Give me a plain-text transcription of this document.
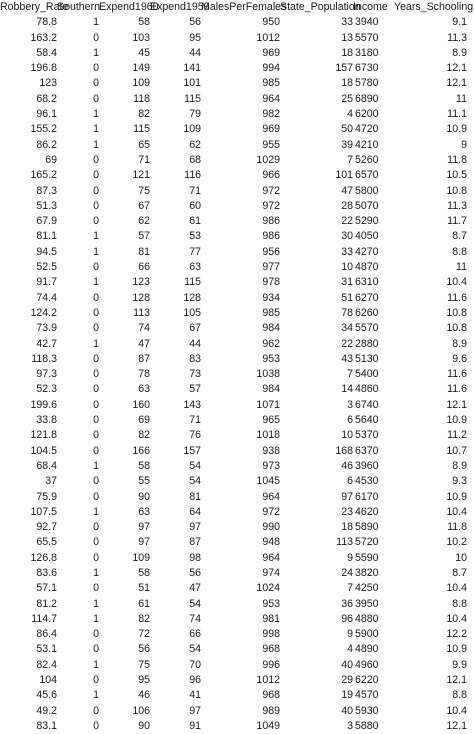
Robbery_Rate	Southern	Expend1960	Expend1959	MalesPerFemales	State_Population	Income	Years_Schooling
78.8	1	58	56	950	33	3940	9.1
163.2	0	103	95	1012	13	5570	11.3
58.4	1	45	44	969	18	3180	8.9
196.8	0	149	141	994	157	6730	12.1
123	0	109	101	985	18	5780	12.1
68.2	0	118	115	964	25	6890	11
96.1	1	82	79	982	4	6200	11.1
155.2	1	115	109	969	50	4720	10.9
86.2	1	65	62	955	39	4210	9
69	0	71	68	1029	7	5260	11.8
165.2	0	121	116	966	101	6570	10.5
87.3	0	75	71	972	47	5800	10.8
51.3	0	67	60	972	28	5070	11.3
67.9	0	62	61	986	22	5290	11.7
81.1	1	57	53	986	30	4050	8.7
94.5	1	81	77	956	33	4270	8.8
52.5	0	66	63	977	10	4870	11
91.7	1	123	115	978	31	6310	10.4
74.4	0	128	128	934	51	6270	11.6
124.2	0	113	105	985	78	6260	10.8
73.9	0	74	67	984	34	5570	10.8
42.7	1	47	44	962	22	2880	8.9
118.3	0	87	83	953	43	5130	9.6
97.3	0	78	73	1038	7	5400	11.6
52.3	0	63	57	984	14	4860	11.6
199.6	0	160	143	1071	3	6740	12.1
33.8	0	69	71	965	6	5640	10.9
121.8	0	82	76	1018	10	5370	11.2
104.5	0	166	157	938	168	6370	10.7
68.4	1	58	54	973	46	3960	8.9
37	0	55	54	1045	6	4530	9.3
75.9	0	90	81	964	97	6170	10.9
107.5	1	63	64	972	23	4620	10.4
92.7	0	97	97	990	18	5890	11.8
65.5	0	97	87	948	113	5720	10.2
126.8	0	109	98	964	9	5590	10
83.6	1	58	56	974	24	3820	8.7
57.1	0	51	47	1024	7	4250	10.4
81.2	1	61	54	953	36	3950	8.8
114.7	1	82	74	981	96	4880	10.4
86.4	0	72	66	998	9	5900	12.2
53.1	0	56	54	968	4	4890	10.9
82.4	1	75	70	996	40	4960	9.9
104	0	95	96	1012	29	6220	12.1
45.6	1	46	41	968	19	4570	8.8
49.2	0	106	97	989	40	5930	10.4
83.1	0	90	91	1049	3	5880	12.1
